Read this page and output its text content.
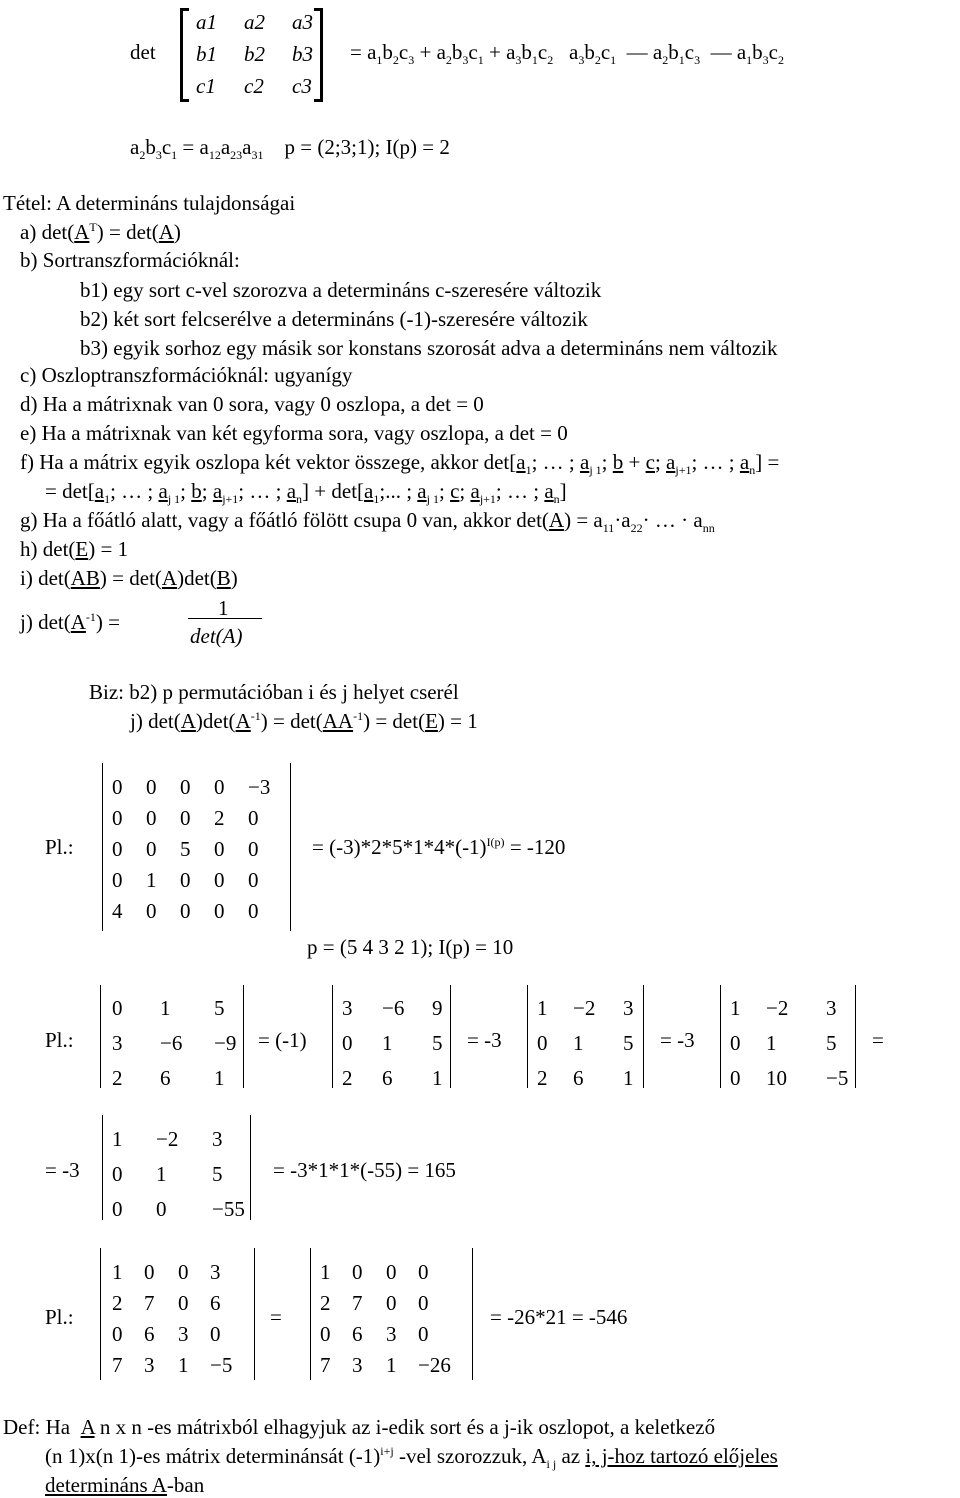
det
a1	a2	a3
b1	b2	b3
c1	c2	c3
= $a_1b_2c_3 + a_2b_3c_1 + a_3b_1c_2$   $a_3b_2c_1$  — $a_2b_1c_3$  — $a_1b_3c_2$
$a_2b_3c_1 = a_{12}a_{23}a_{31}$    p = (2;3;1); I(p) = 2
Tétel: A determináns tulajdonságai
a) $\det(A^T) = \det(A)$
b) Sortranszformációknál:
b1) egy sort c-vel szorozva a determináns c-szeresére változik
b2) két sort felcserélve a determináns (-1)-szeresére változik
b3) egyik sorhoz egy másik sor konstans szorosát adva a determináns nem változik
c) Oszloptranszformációknál: ugyanígy
d) Ha a mátrixnak van 0 sora, vagy 0 oszlopa, a det = 0
e) Ha a mátrixnak van két egyforma sora, vagy oszlopa, a det = 0
f) Ha a mátrix egyik oszlopa két vektor összege, akkor $\det[a_1$; … ; $a_{j 1}$; b + c; $a_{j+1}$; … ; $a_n$] =
= $\det[a_1$; … ; $a_{j 1}$; b; $a_{j+1}$; … ; $a_n] + \det[a_1$;... ; $a_{j 1}$; c; $a_{j+1}$; … ; $a_n$]
g) Ha a főátló alatt, vagy a főátló fölött csupa 0 van, akkor $\det(A) = a_{11}\cdot a_{22}\cdot$ … · $a_{nn}$
h) det(E) = 1
i) det(AB) = det(A)det(B)
j) $\det(A^{-1})$ =
1
det(A)
Biz: b2) p permutációban i és j helyet cserél
j) $\det(A)\det(A^{-1}) = \det(AA^{-1}) = \det(E) = 1$
Pl.:
0	0	0	0	−3
0	0	0	2	0
0	0	5	0	0
0	1	0	0	0
4	0	0	0	0
= $(-3)*2*5*1*4*(-1)^{I(p)} = -120$
p = (5 4 3 2 1); I(p) = 10
Pl.:
0	1	5
3	−6	−9
2	6	1
= (-1)
3	−6	9
0	1	5
2	6	1
= -3
1	−2	3
0	1	5
2	6	1
= -3
1	−2	3
0	1	5
0	10	−5
=
= -3
1	−2	3
0	1	5
0	0	−55
= -3*1*1*(-55) = 165
Pl.:
1	0	0	3
2	7	0	6
0	6	3	0
7	3	1	−5
=
1	0	0	0
2	7	0	0
0	6	3	0
7	3	1	−26
= -26*21 = -546
Def: Ha  A n x n -es mátrixból elhagyjuk az i-edik sort és a j-ik oszlopot, a keletkező
(n 1)x(n 1)-es mátrix determinánsát $(-1)^{i+j}$ -vel szorozzuk, $A_{i j}$ az i, j-hoz tartozó előjeles
determináns A-ban
